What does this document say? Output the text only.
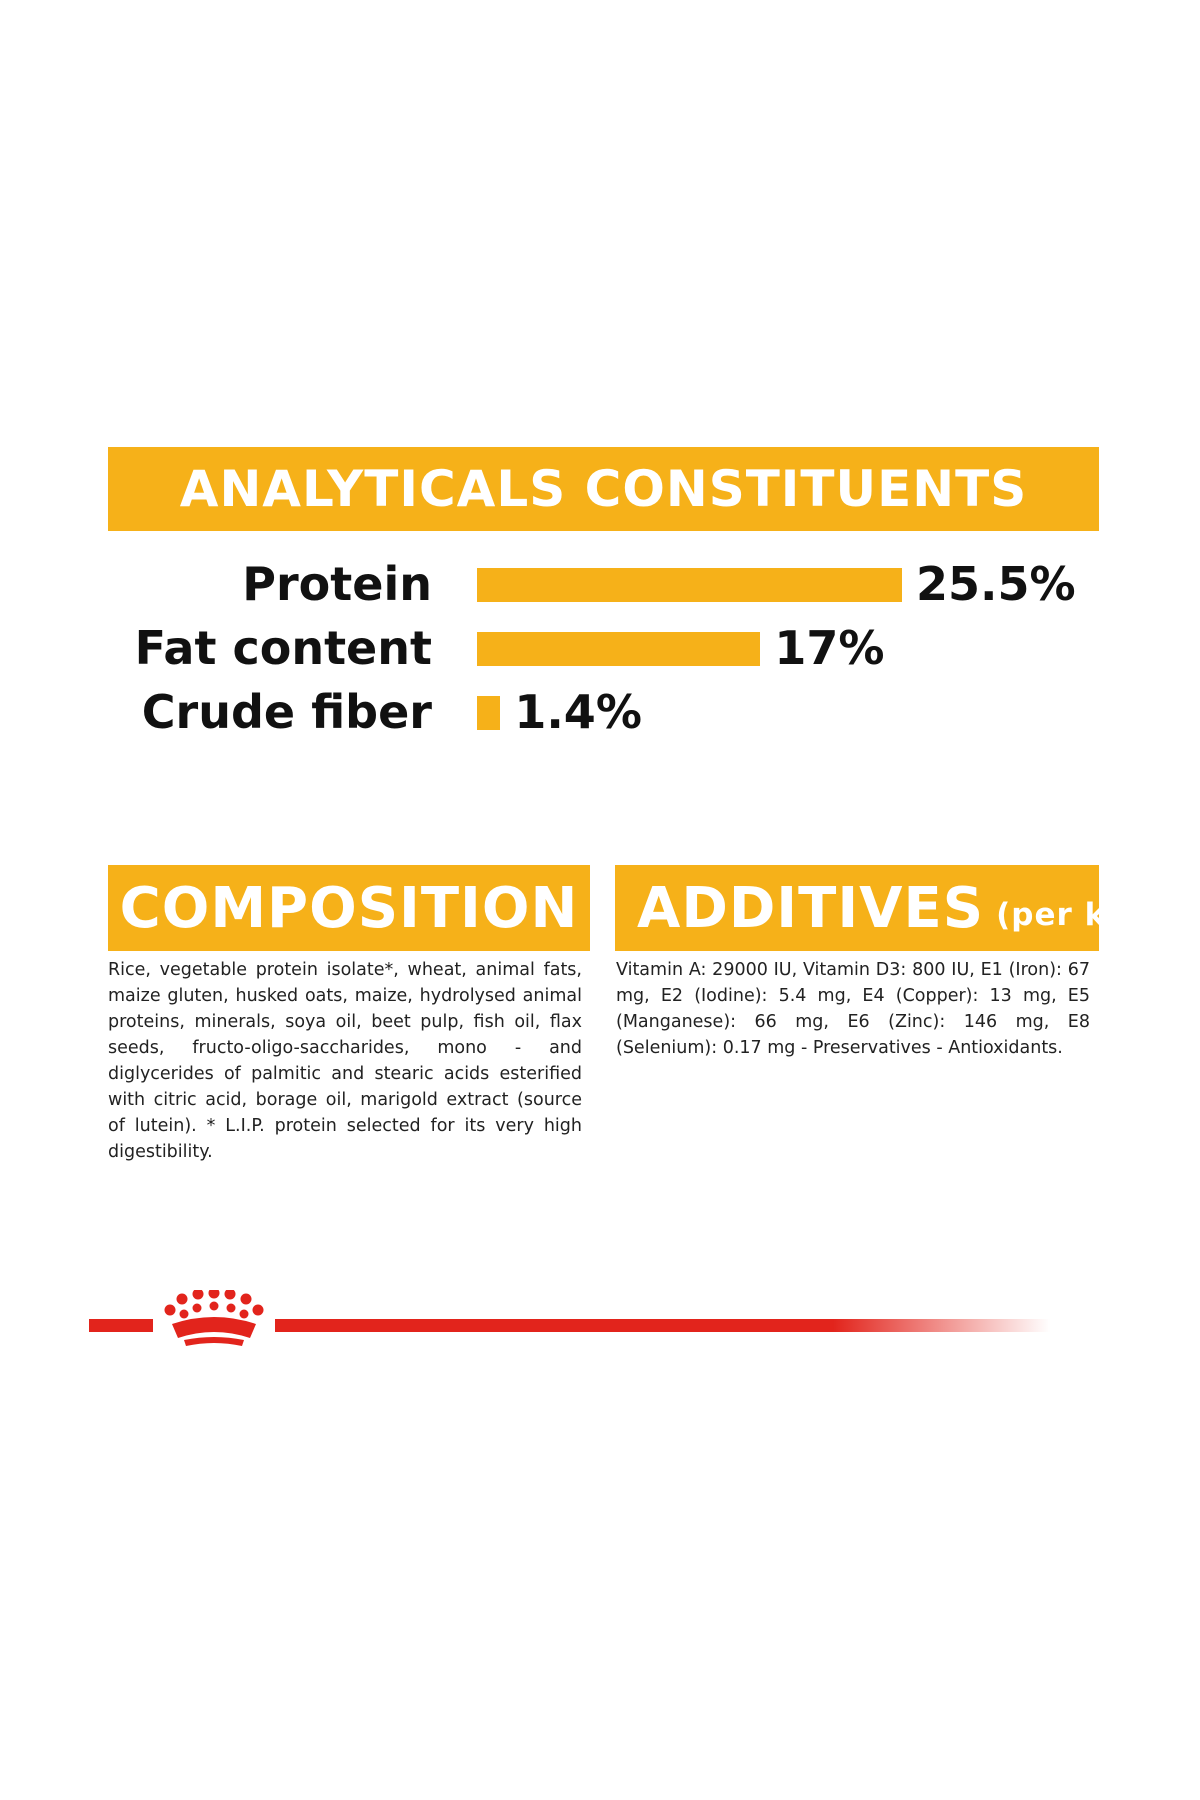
ANALYTICALS CONSTITUENTS
Protein	25.5%
Fat content	17%
Crude fiber 1.4%
COMPOSITION

Rice, vegetable protein isolate*, wheat, animal fats, maize gluten, husked oats, maize, hydrolysed animal proteins, minerals, soya oil, beet pulp, fish oil, flax seeds, fructo-oligo-saccharides, mono - and diglycerides of palmitic and stearic acids esterified with citric acid, borage oil, marigold extract (source of lutein). * L.I.P. protein selected for its very high digestibility.

ADDITIVES (per kg)

Vitamin A: 29000 IU, Vitamin D3: 800 IU, E1 (Iron): 67 mg, E2 (Iodine): 5.4 mg, E4 (Copper): 13 mg, E5 (Manganese): 66 mg, E6 (Zinc): 146 mg, E8 (Selenium): 0.17 mg - Preservatives - Antioxidants.
